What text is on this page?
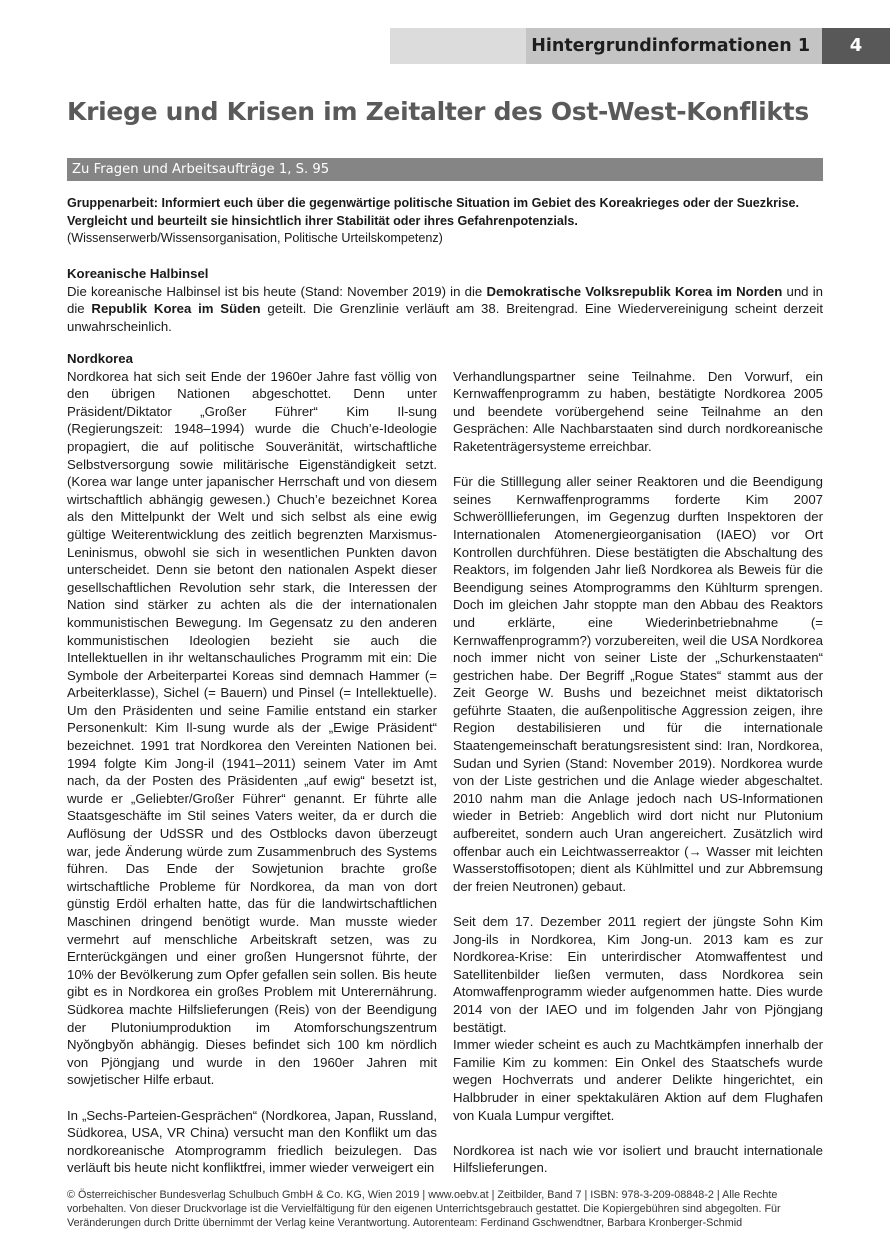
Hintergrundinformationen 1	4
Kriege und Krisen im Zeitalter des Ost-West-Konflikts
Zu Fragen und Arbeitsaufträge 1, S. 95
Gruppenarbeit: Informiert euch über die gegenwärtige politische Situation im Gebiet des Koreakrieges oder der Suezkrise.
Vergleicht und beurteilt sie hinsichtlich ihrer Stabilität oder ihres Gefahrenpotenzials.
(Wissenserwerb/Wissensorganisation, Politische Urteilskompetenz)
Koreanische Halbinsel

Die koreanische Halbinsel ist bis heute (Stand: November 2019) in die Demokratische Volksrepublik Korea im Norden und in die Republik Korea im Süden geteilt. Die Grenzlinie verläuft am 38. Breitengrad. Eine Wiedervereinigung scheint derzeit unwahrscheinlich.

Nordkorea

Nordkorea hat sich seit Ende der 1960er Jahre fast völlig von den übrigen Nationen abgeschottet. Denn unter Präsident/Diktator „Großer Führer“ Kim Il-sung (Regierungszeit: 1948–1994) wurde die Chuch’e-Ideologie propagiert, die auf politische Souveränität, wirtschaftliche Selbstversorgung sowie militärische Eigenständigkeit setzt. (Korea war lange unter japanischer Herrschaft und von diesem wirtschaftlich abhängig gewesen.) Chuch’e bezeichnet Korea als den Mittelpunkt der Welt und sich selbst als eine ewig gültige Weiterentwicklung des zeitlich begrenzten Marxismus-Leninismus, obwohl sie sich in wesentlichen Punkten davon unterscheidet. Denn sie betont den nationalen Aspekt dieser gesellschaftlichen Revolution sehr stark, die Interessen der Nation sind stärker zu achten als die der internationalen kommunistischen Bewegung. Im Gegensatz zu den anderen kommunistischen Ideologien bezieht sie auch die Intellektuellen in ihr weltanschauliches Programm mit ein: Die Symbole der Arbeiterpartei Koreas sind demnach Hammer (= Arbeiterklasse), Sichel (= Bauern) und Pinsel (= Intellektuelle). Um den Präsidenten und seine Familie entstand ein starker Personenkult: Kim Il-sung wurde als der „Ewige Präsident“ bezeichnet. 1991 trat Nordkorea den Vereinten Nationen bei. 1994 folgte Kim Jong-il (1941–2011) seinem Vater im Amt nach, da der Posten des Präsidenten „auf ewig“ besetzt ist, wurde er „Geliebter/Großer Führer“ genannt. Er führte alle Staatsgeschäfte im Stil seines Vaters weiter, da er durch die Auflösung der UdSSR und des Ostblocks davon überzeugt war, jede Änderung würde zum Zusammenbruch des Systems führen. Das Ende der Sowjetunion brachte große wirtschaftliche Probleme für Nordkorea, da man von dort günstig Erdöl erhalten hatte, das für die landwirtschaftlichen Maschinen dringend benötigt wurde. Man musste wieder vermehrt auf menschliche Arbeitskraft setzen, was zu Ernterückgängen und einer großen Hungersnot führte, der 10% der Bevölkerung zum Opfer gefallen sein sollen. Bis heute gibt es in Nordkorea ein großes Problem mit Unterernährung. Südkorea machte Hilfslieferungen (Reis) von der Beendigung der Plutoniumproduktion im Atomforschungszentrum Nyŏngbyŏn abhängig. Dieses befindet sich 100 km nördlich von Pjöngjang und wurde in den 1960er Jahren mit sowjetischer Hilfe erbaut.

In „Sechs-Parteien-Gesprächen“ (Nordkorea, Japan, Russland, Südkorea, USA, VR China) versucht man den Konflikt um das nordkoreanische Atomprogramm friedlich beizulegen. Das verläuft bis heute nicht konfliktfrei, immer wieder verweigert ein

Verhandlungspartner seine Teilnahme. Den Vorwurf, ein Kernwaffenprogramm zu haben, bestätigte Nordkorea 2005 und beendete vorübergehend seine Teilnahme an den Gesprächen: Alle Nachbarstaaten sind durch nordkoreanische Raketenträgersysteme erreichbar.

Für die Stilllegung aller seiner Reaktoren und die Beendigung seines Kernwaffenprogramms forderte Kim 2007 Schwerölllieferungen, im Gegenzug durften Inspektoren der Internationalen Atomenergieorganisation (IAEO) vor Ort Kontrollen durchführen. Diese bestätigten die Abschaltung des Reaktors, im folgenden Jahr ließ Nordkorea als Beweis für die Beendigung seines Atomprogramms den Kühlturm sprengen. Doch im gleichen Jahr stoppte man den Abbau des Reaktors und erklärte, eine Wiederinbetriebnahme (= Kernwaffenprogramm?) vorzubereiten, weil die USA Nordkorea noch immer nicht von seiner Liste der „Schurkenstaaten“ gestrichen habe. Der Begriff „Rogue States“ stammt aus der Zeit George W. Bushs und bezeichnet meist diktatorisch geführte Staaten, die außenpolitische Aggression zeigen, ihre Region destabilisieren und für die internationale Staatengemeinschaft beratungsresistent sind: Iran, Nordkorea, Sudan und Syrien (Stand: November 2019). Nordkorea wurde von der Liste gestrichen und die Anlage wieder abgeschaltet. 2010 nahm man die Anlage jedoch nach US-Informationen wieder in Betrieb: Angeblich wird dort nicht nur Plutonium aufbereitet, sondern auch Uran angereichert. Zusätzlich wird offenbar auch ein Leichtwasserreaktor (→ Wasser mit leichten Wasserstoffisotopen; dient als Kühlmittel und zur Abbremsung der freien Neutronen) gebaut.

Seit dem 17. Dezember 2011 regiert der jüngste Sohn Kim Jong-ils in Nordkorea, Kim Jong-un. 2013 kam es zur Nordkorea-Krise: Ein unterirdischer Atomwaffentest und Satellitenbilder ließen vermuten, dass Nordkorea sein Atomwaffenprogramm wieder aufgenommen hatte. Dies wurde 2014 von der IAEO und im folgenden Jahr von Pjöngjang bestätigt.
Immer wieder scheint es auch zu Machtkämpfen innerhalb der Familie Kim zu kommen: Ein Onkel des Staatschefs wurde wegen Hochverrats und anderer Delikte hingerichtet, ein Halbbruder in einer spektakulären Aktion auf dem Flughafen von Kuala Lumpur vergiftet.

Nordkorea ist nach wie vor isoliert und braucht internationale Hilfslieferungen.

© Österreichischer Bundesverlag Schulbuch GmbH & Co. KG, Wien 2019 | www.oebv.at | Zeitbilder, Band 7 | ISBN: 978-3-209-08848-2 | Alle Rechte vorbehalten. Von dieser Druckvorlage ist die Vervielfältigung für den eigenen Unterrichtsgebrauch gestattet. Die Kopiergebühren sind abgegolten. Für Veränderungen durch Dritte übernimmt der Verlag keine Verantwortung. Autorenteam: Ferdinand Gschwendtner, Barbara Kronberger-Schmid
